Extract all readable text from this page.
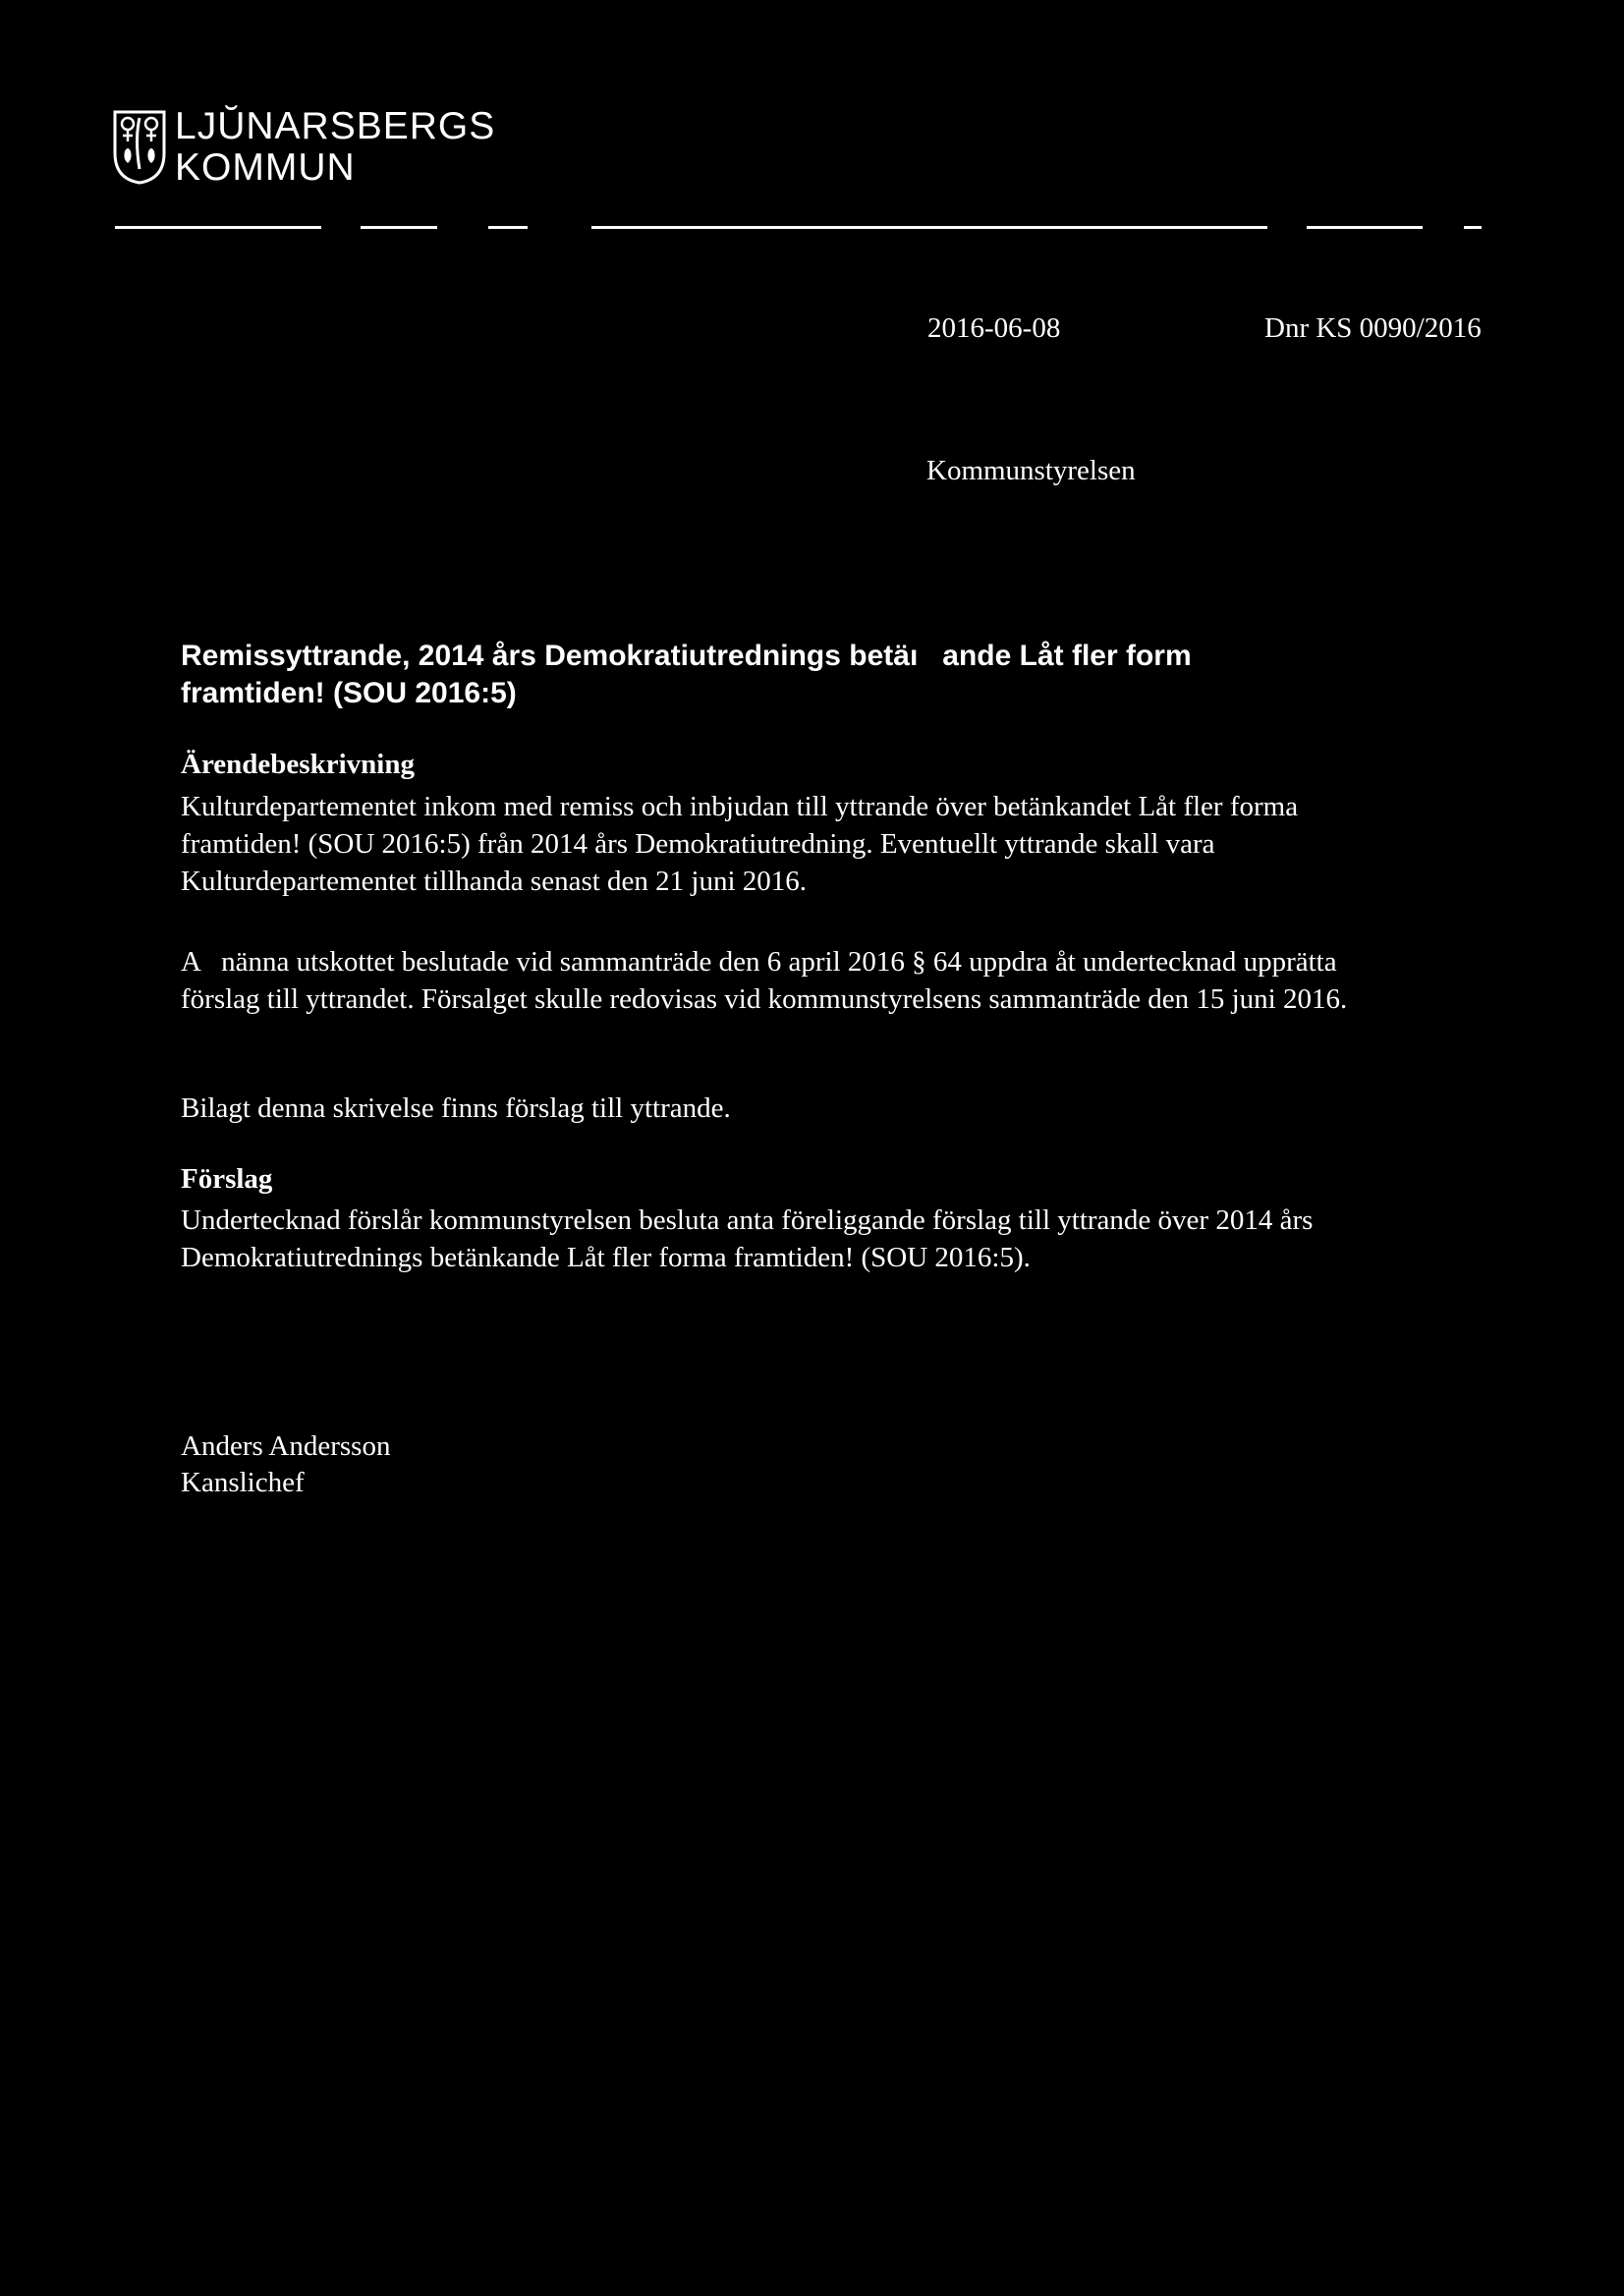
LJŬNARSBERGS
KOMMUN
2016-06-08	Dnr KS 0090/2016
Kommunstyrelsen
Remissyttrande, 2014 års Demokratiutrednings betäı   ande Låt fler form
framtiden! (SOU 2016:5)
Ärendebeskrivning
Kulturdepartementet inkom med remiss och inbjudan till yttrande över betänkandet Låt fler forma framtiden! (SOU 2016:5) från 2014 års Demokratiutredning. Eventuellt yttrande skall vara Kulturdepartementet tillhanda senast den 21 juni 2016.
A   nänna utskottet beslutade vid sammanträde den 6 april 2016 § 64 uppdra åt undertecknad upprätta förslag till yttrandet. Försalget skulle redovisas vid kommunstyrelsens sammanträde den 15 juni 2016.
Bilagt denna skrivelse finns förslag till yttrande.
Förslag
Undertecknad förslår kommunstyrelsen besluta anta föreliggande förslag till yttrande över 2014 års Demokratiutrednings betänkande Låt fler forma framtiden! (SOU 2016:5).
Anders Andersson
Kanslichef
